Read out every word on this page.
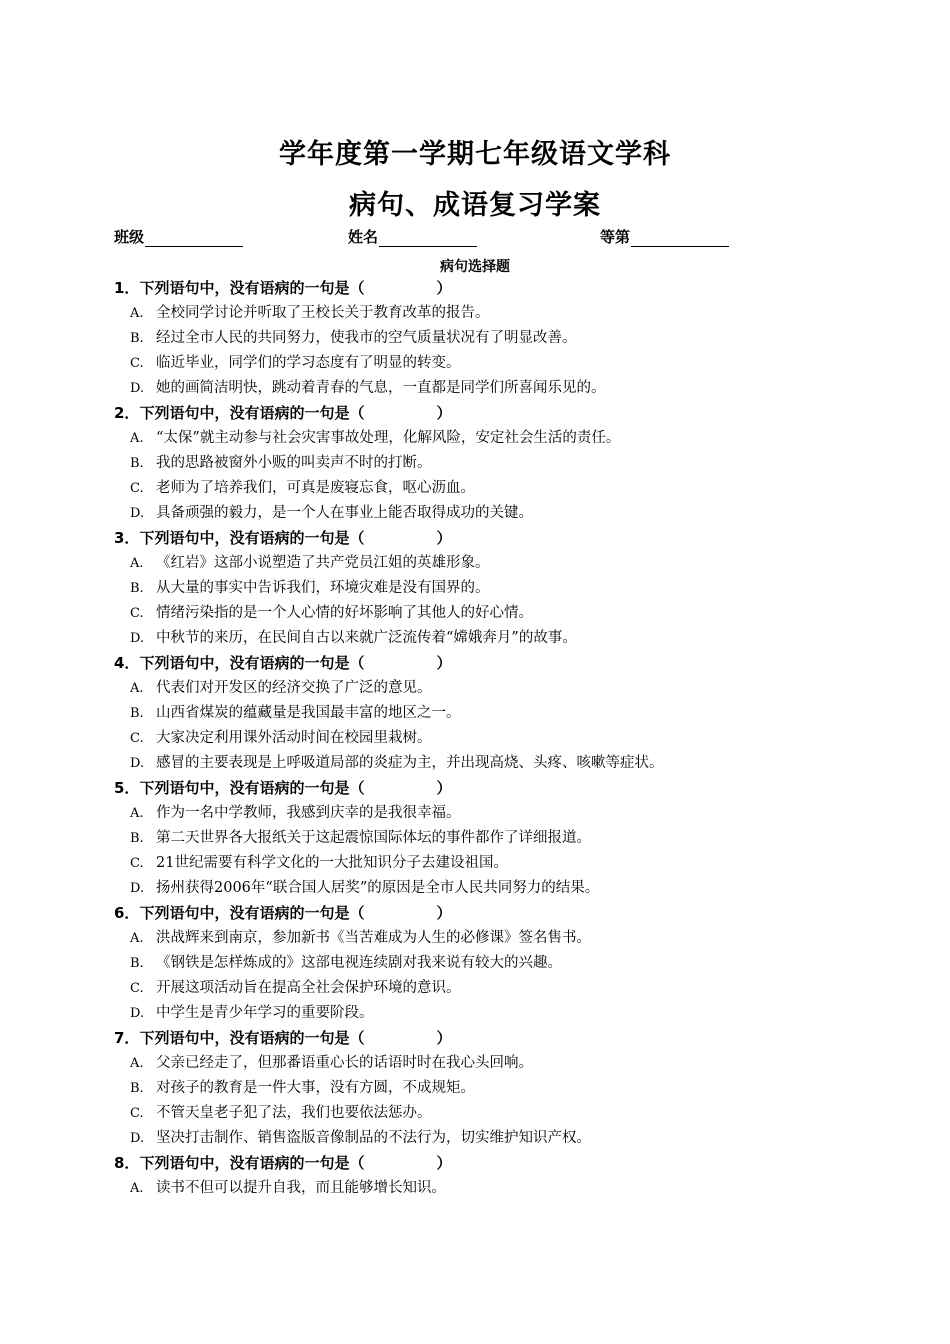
学年度第一学期七年级语文学科
病句、成语复习学案
班级	姓名	等第
病句选择题
1．下列语句中，没有语病的一句是（	）
A. 全校同学讨论并听取了王校长关于教育改革的报告。
B. 经过全市人民的共同努力，使我市的空气质量状况有了明显改善。
C. 临近毕业，同学们的学习态度有了明显的转变。
D. 她的画简洁明快，跳动着青春的气息，一直都是同学们所喜闻乐见的。
2．下列语句中，没有语病的一句是（	）
A. “太保”就主动参与社会灾害事故处理，化解风险，安定社会生活的责任。
B. 我的思路被窗外小贩的叫卖声不时的打断。
C. 老师为了培养我们，可真是废寝忘食，呕心沥血。
D. 具备顽强的毅力，是一个人在事业上能否取得成功的关键。
3．下列语句中，没有语病的一句是（	）
A. 《红岩》这部小说塑造了共产党员江姐的英雄形象。
B. 从大量的事实中告诉我们，环境灾难是没有国界的。
C. 情绪污染指的是一个人心情的好坏影响了其他人的好心情。
D. 中秋节的来历，在民间自古以来就广泛流传着“嫦娥奔月”的故事。
4．下列语句中，没有语病的一句是（	）
A. 代表们对开发区的经济交换了广泛的意见。
B. 山西省煤炭的蕴藏量是我国最丰富的地区之一。
C. 大家决定利用课外活动时间在校园里栽树。
D. 感冒的主要表现是上呼吸道局部的炎症为主，并出现高烧、头疼、咳嗽等症状。
5．下列语句中，没有语病的一句是（	）
A. 作为一名中学教师，我感到庆幸的是我很幸福。
B. 第二天世界各大报纸关于这起震惊国际体坛的事件都作了详细报道。
C. 21世纪需要有科学文化的一大批知识分子去建设祖国。
D. 扬州获得2006年“联合国人居奖”的原因是全市人民共同努力的结果。
6．下列语句中，没有语病的一句是（	）
A. 洪战辉来到南京，参加新书《当苦难成为人生的必修课》签名售书。
B. 《钢铁是怎样炼成的》这部电视连续剧对我来说有较大的兴趣。
C. 开展这项活动旨在提高全社会保护环境的意识。
D. 中学生是青少年学习的重要阶段。
7．下列语句中，没有语病的一句是（	）
A. 父亲已经走了，但那番语重心长的话语时时在我心头回响。
B. 对孩子的教育是一件大事，没有方圆，不成规矩。
C. 不管天皇老子犯了法，我们也要依法惩办。
D. 坚决打击制作、销售盗版音像制品的不法行为，切实维护知识产权。
8．下列语句中，没有语病的一句是（	）
A. 读书不但可以提升自我，而且能够增长知识。
